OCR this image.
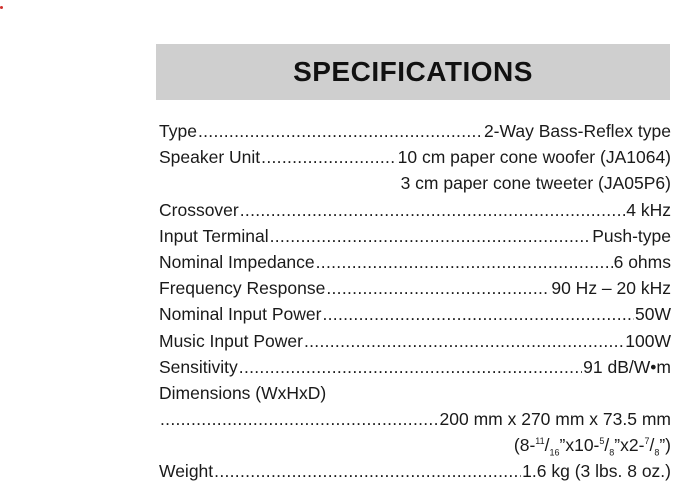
SPECIFICATIONS
Type .....	2-Way Bass-Reflex type
Speaker Unit .....	10 cm paper cone woofer (JA1064)
3 cm paper cone tweeter (JA05P6)
Crossover .....	4 kHz
Input Terminal .....	Push-type
Nominal Impedance .....	6 ohms
Frequency Response .....	90 Hz – 20 kHz
Nominal Input Power .....	50W
Music Input Power .....	100W
Sensitivity .....	91 dB/W•m
Dimensions (WxHxD)
.....
200 mm x 270 mm x 73.5 mm
$(8-^{11}/_{16}”x10-^5/_8”x2-^7/_8”)$
Weight .....	1.6 kg (3 lbs. 8 oz.)
